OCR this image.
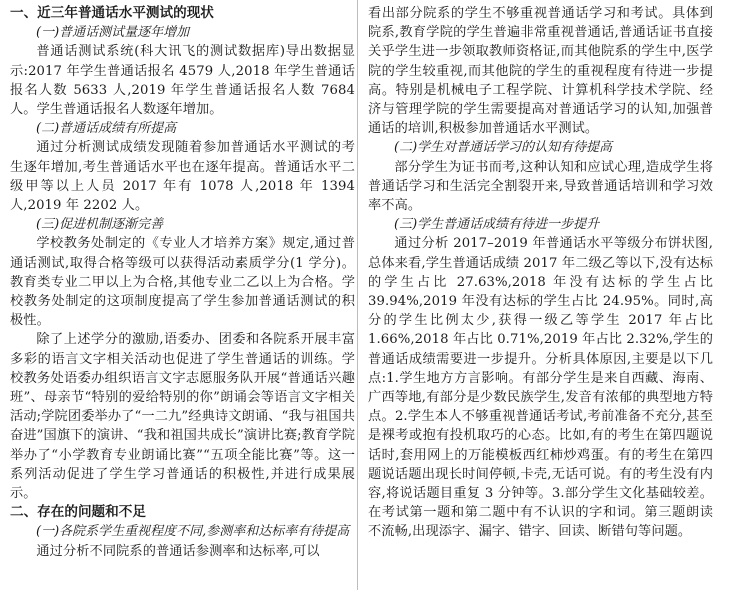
一、近三年普通话水平测试的现状
(一)普通话测试量逐年增加

普通话测试系统(科大讯飞的测试数据库)导出数据显示:2017 年学生普通话报名 4579 人,2018 年学生普通话报名人数 5633 人,2019 年学生普通话报名人数 7684 人。学生普通话报名人数逐年增加。

(二)普通话成绩有所提高

通过分析测试成绩发现随着参加普通话水平测试的考生逐年增加,考生普通话水平也在逐年提高。普通话水平二级甲等以上人员 2017 年有 1078 人,2018 年 1394 人,2019 年 2202 人。

(三)促进机制逐渐完善

学校教务处制定的《专业人才培养方案》规定,通过普通话测试,取得合格等级可以获得活动素质学分(1 学分)。教育类专业二甲以上为合格,其他专业二乙以上为合格。学校教务处制定的这项制度提高了学生参加普通话测试的积极性。

除了上述学分的激励,语委办、团委和各院系开展丰富多彩的语言文字相关活动也促进了学生普通话的训练。学校教务处语委办组织语言文字志愿服务队开展“普通话兴趣班”、母亲节“特别的爱给特别的你”朗诵会等语言文字相关活动;学院团委举办了“一二九”经典诗文朗诵、“我与祖国共奋进”国旗下的演讲、“我和祖国共成长”演讲比赛;教育学院举办了“小学教育专业朗诵比赛”“五项全能比赛”等。这一系列活动促进了学生学习普通话的积极性,并进行成果展示。

二、存在的问题和不足
(一)各院系学生重视程度不同,参测率和达标率有待提高

通过分析不同院系的普通话参测率和达标率,可以

看出部分院系的学生不够重视普通话学习和考试。具体到院系,教育学院的学生普遍非常重视普通话,普通话证书直接关乎学生进一步领取教师资格证,而其他院系的学生中,医学院的学生较重视,而其他院的学生的重视程度有待进一步提高。特别是机械电子工程学院、计算机科学技术学院、经济与管理学院的学生需要提高对普通话学习的认知,加强普通话的培训,积极参加普通话水平测试。

(二)学生对普通话学习的认知有待提高

部分学生为证书而考,这种认知和应试心理,造成学生将普通话学习和生活完全割裂开来,导致普通话培训和学习效率不高。

(三)学生普通话成绩有待进一步提升

通过分析 2017–2019 年普通话水平等级分布饼状图,总体来看,学生普通话成绩 2017 年二级乙等以下,没有达标的学生占比 27.63%,2018 年没有达标的学生占比 39.94%,2019 年没有达标的学生占比 24.95%。同时,高分的学生比例太少,获得一级乙等学生 2017 年占比 1.66%,2018 年占比 0.71%,2019 年占比 2.32%,学生的普通话成绩需要进一步提升。分析具体原因,主要是以下几点:1.学生地方方言影响。有部分学生是来自西藏、海南、广西等地,有部分是少数民族学生,发音有浓郁的典型地方特点。2.学生本人不够重视普通话考试,考前准备不充分,甚至是裸考或抱有投机取巧的心态。比如,有的考生在第四题说话时,套用网上的万能模板西红柿炒鸡蛋。有的考生在第四题说话题出现长时间停顿,卡壳,无话可说。有的考生没有内容,将说话题目重复 3 分钟等。3.部分学生文化基础较差。在考试第一题和第二题中有不认识的字和词。第三题朗读不流畅,出现添字、漏字、错字、回读、断错句等问题。
